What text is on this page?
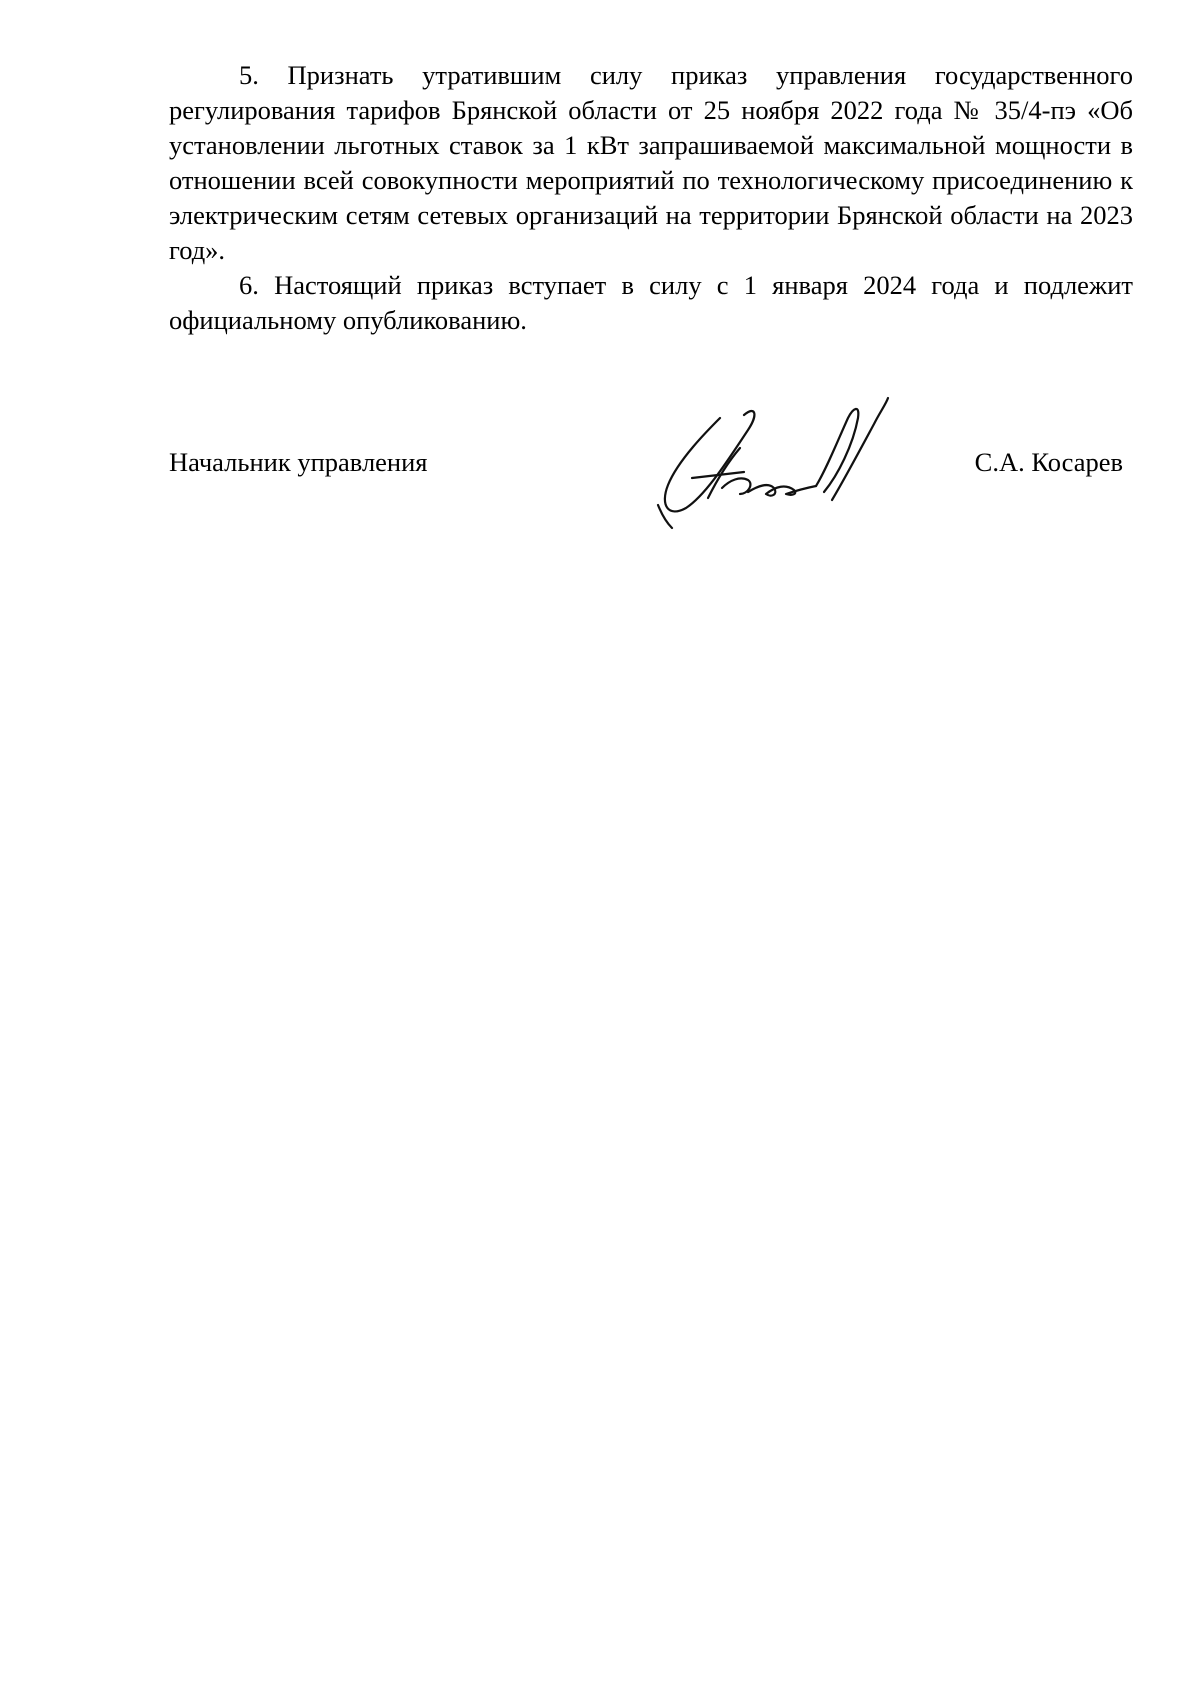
5. Признать утратившим силу приказ управления государственного регулирования тарифов Брянской области от 25 ноября 2022 года № 35/4-пэ «Об установлении льготных ставок за 1 кВт запрашиваемой максимальной мощности в отношении всей совокупности мероприятий по технологическому присоединению к электрическим сетям сетевых организаций на территории Брянской области на 2023 год».

6. Настоящий приказ вступает в силу с 1 января 2024 года и подлежит официальному опубликованию.

Начальник управления	С.А. Косарев
